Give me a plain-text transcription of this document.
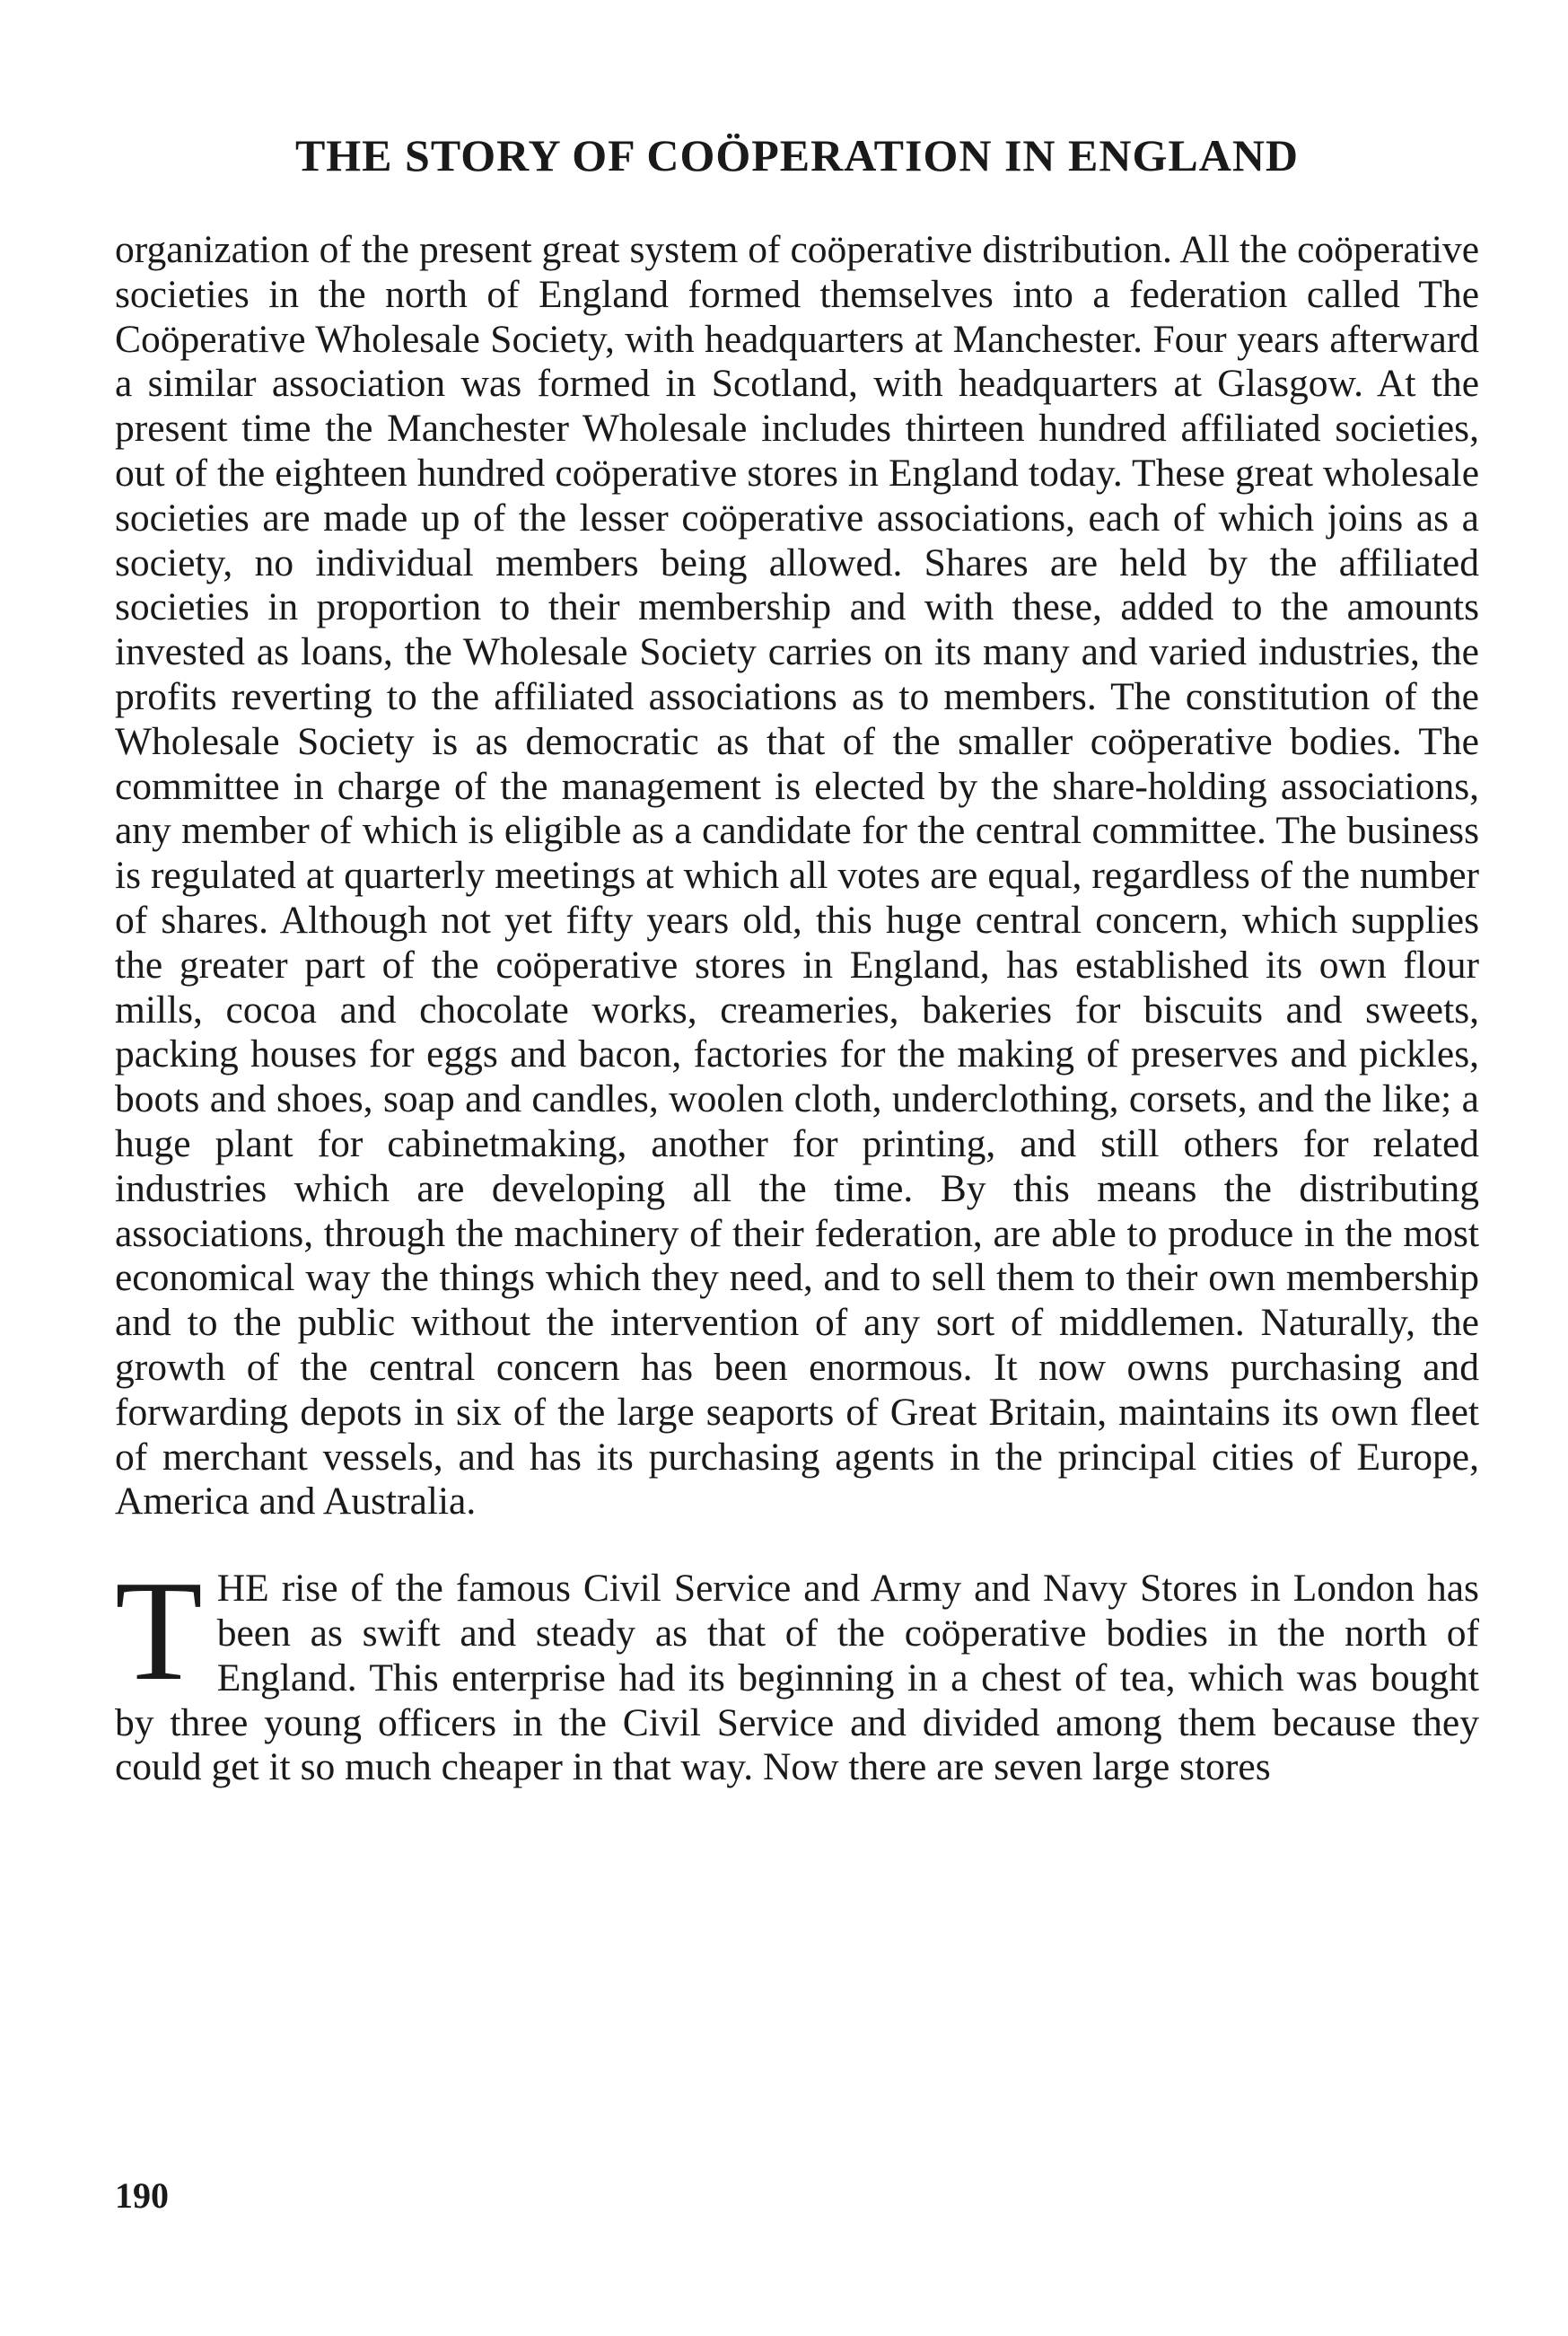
THE STORY OF COÖPERATION IN ENGLAND

organization of the present great system of coöperative distribution. All the coöperative societies in the north of England formed themselves into a federation called The Coöperative Wholesale Society, with headquarters at Manchester. Four years afterward a similar association was formed in Scotland, with headquarters at Glasgow. At the present time the Manchester Wholesale includes thirteen hundred affiliated societies, out of the eighteen hundred coöperative stores in England today. These great wholesale societies are made up of the lesser coöperative associations, each of which joins as a society, no individual members being allowed. Shares are held by the affiliated societies in proportion to their membership and with these, added to the amounts invested as loans, the Wholesale Society carries on its many and varied industries, the profits reverting to the affiliated associations as to members. The constitution of the Wholesale Society is as democratic as that of the smaller coöperative bodies. The committee in charge of the management is elected by the share-holding associations, any member of which is eligible as a candidate for the central committee. The business is regulated at quarterly meetings at which all votes are equal, regardless of the number of shares. Although not yet fifty years old, this huge central concern, which supplies the greater part of the coöperative stores in England, has established its own flour mills, cocoa and chocolate works, creameries, bakeries for biscuits and sweets, packing houses for eggs and bacon, factories for the making of preserves and pickles, boots and shoes, soap and candles, woolen cloth, underclothing, corsets, and the like; a huge plant for cabinetmaking, another for printing, and still others for related industries which are developing all the time. By this means the distributing associations, through the machinery of their federation, are able to produce in the most economical way the things which they need, and to sell them to their own membership and to the public without the intervention of any sort of middlemen. Naturally, the growth of the central concern has been enormous. It now owns purchasing and forwarding depots in six of the large seaports of Great Britain, maintains its own fleet of merchant vessels, and has its purchasing agents in the principal cities of Europe, America and Australia.

THE rise of the famous Civil Service and Army and Navy Stores in London has been as swift and steady as that of the coöperative bodies in the north of England. This enterprise had its beginning in a chest of tea, which was bought by three young officers in the Civil Service and divided among them because they could get it so much cheaper in that way. Now there are seven large stores

190
